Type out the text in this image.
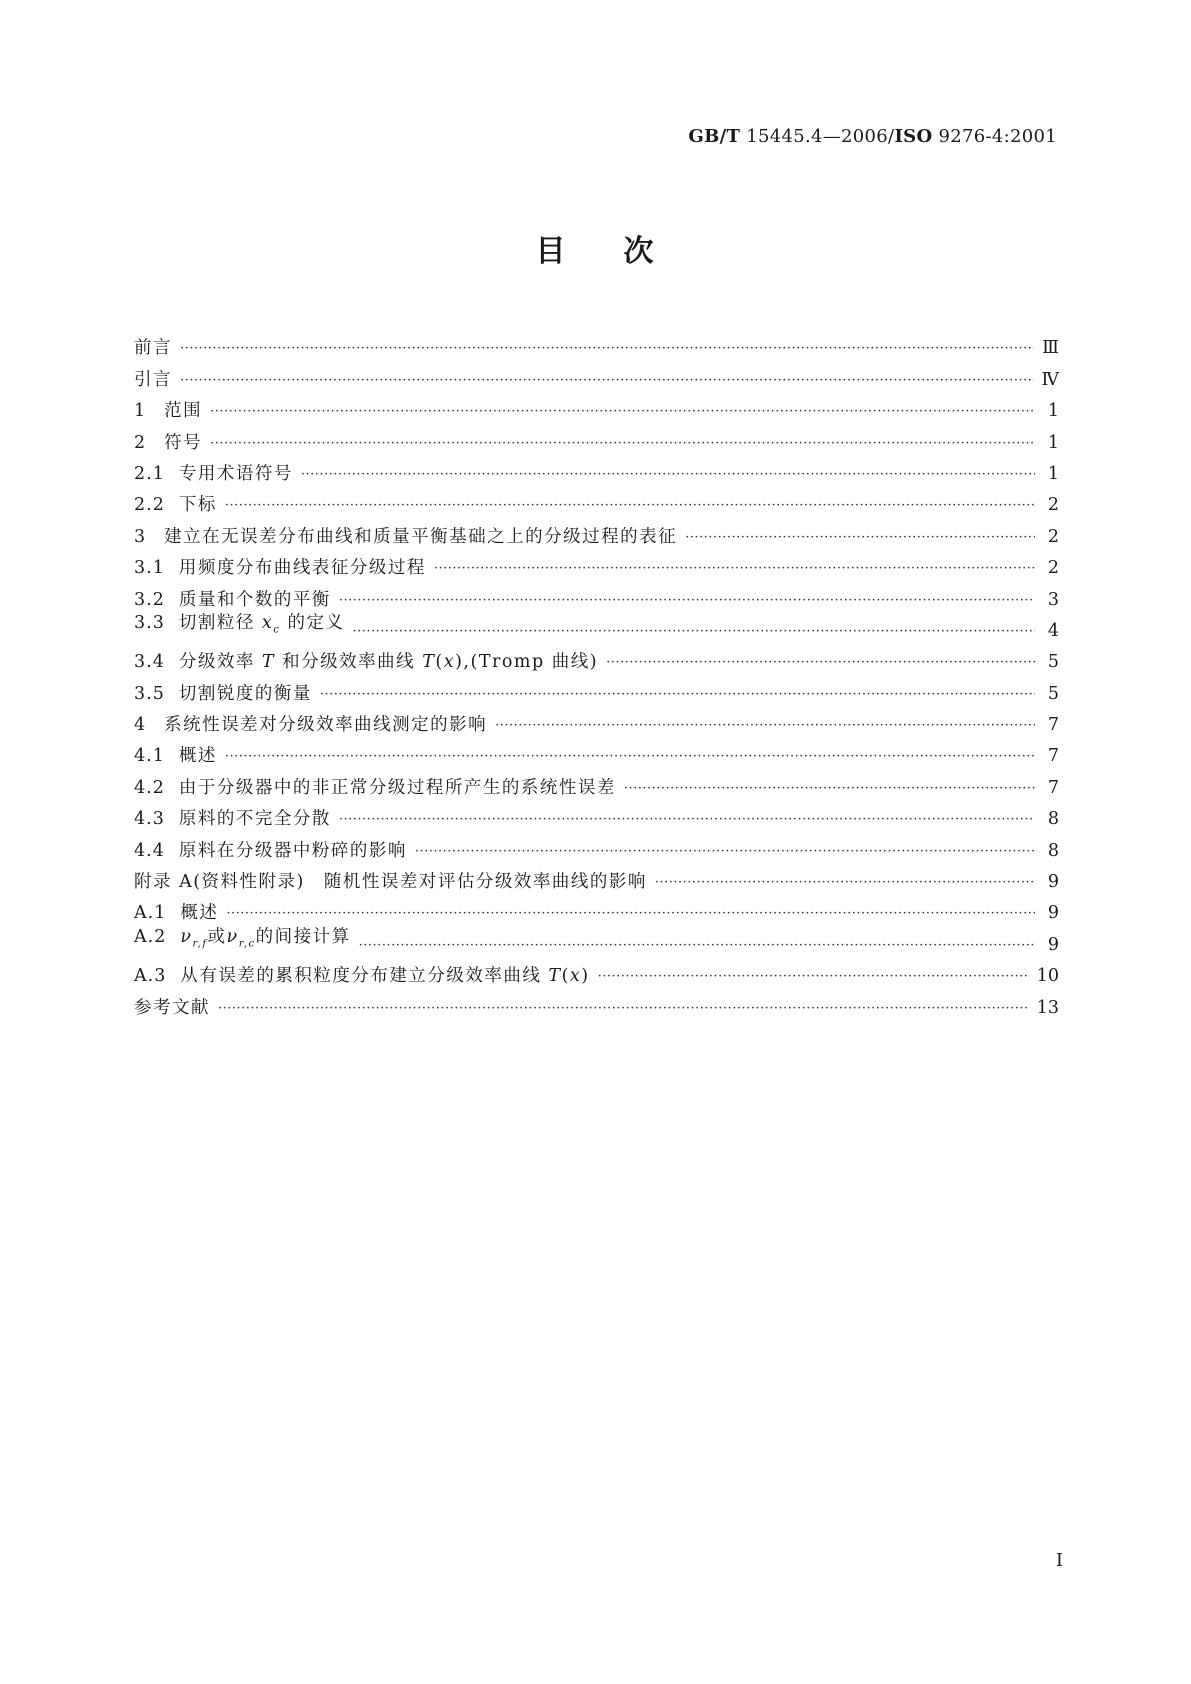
GB/T 15445.4—2006/ISO 9276-4:2001
目 次
前言 ·····	Ⅲ
引言 ·····	Ⅳ
1 范围 ·····	1
2 符号 ·····	1
2.1 专用术语符号 ·····	1
2.2 下标 ·····	2
3 建立在无误差分布曲线和质量平衡基础之上的分级过程的表征 ·····	2
3.1 用频度分布曲线表征分级过程 ·····	2
3.2 质量和个数的平衡 ·····	3
3.3 切割粒径 $x_c$ 的定义 ·····	4
3.4 分级效率 T 和分级效率曲线 T(x),(Tromp 曲线) ·····	5
3.5 切割锐度的衡量 ·····	5
4 系统性误差对分级效率曲线测定的影响 ·····	7
4.1 概述 ·····	7
4.2 由于分级器中的非正常分级过程所产生的系统性误差 ·····	7
4.3 原料的不完全分散 ·····	8
4.4 原料在分级器中粉碎的影响 ·····	8
附录 A(资料性附录)　随机性误差对评估分级效率曲线的影响 ·····	9
A.1 概述 ·····	9
A.2 $\nu_{r,f}$或$\nu_{r,c}$的间接计算 ·····	9
A.3 从有误差的累积粒度分布建立分级效率曲线 T(x) ·····	10
参考文献 ·····	13
I
